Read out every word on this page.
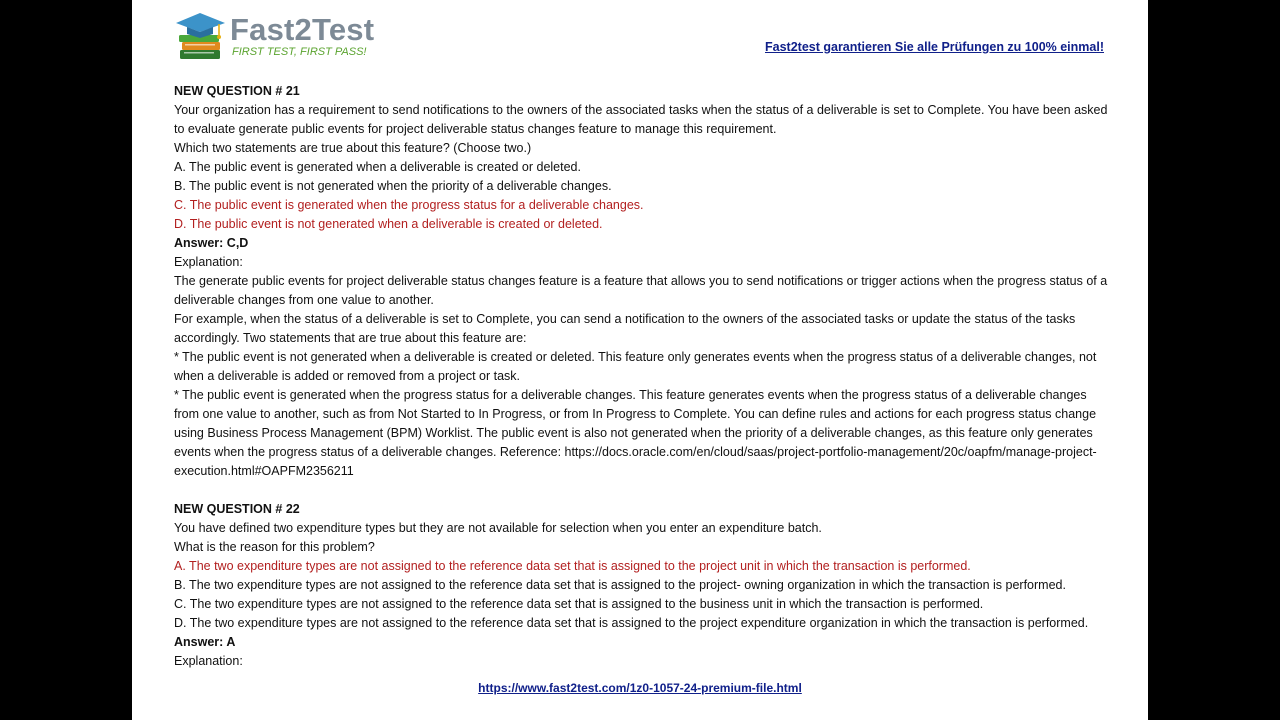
Fast2Test
FIRST TEST, FIRST PASS!	Fast2test garantieren Sie alle Prüfungen zu 100% einmal!

NEW QUESTION # 21

Your organization has a requirement to send notifications to the owners of the associated tasks when the status of a deliverable is set to Complete. You have been asked to evaluate generate public events for project deliverable status changes feature to manage this requirement.

Which two statements are true about this feature? (Choose two.)

A. The public event is generated when a deliverable is created or deleted.

B. The public event is not generated when the priority of a deliverable changes.

C. The public event is generated when the progress status for a deliverable changes.

D. The public event is not generated when a deliverable is created or deleted.

Answer: C,D

Explanation:

The generate public events for project deliverable status changes feature is a feature that allows you to send notifications or trigger actions when the progress status of a deliverable changes from one value to another.

For example, when the status of a deliverable is set to Complete, you can send a notification to the owners of the associated tasks or update the status of the tasks accordingly. Two statements that are true about this feature are:

* The public event is not generated when a deliverable is created or deleted. This feature only generates events when the progress status of a deliverable changes, not when a deliverable is added or removed from a project or task.

* The public event is generated when the progress status for a deliverable changes. This feature generates events when the progress status of a deliverable changes from one value to another, such as from Not Started to In Progress, or from In Progress to Complete. You can define rules and actions for each progress status change using Business Process Management (BPM) Worklist. The public event is also not generated when the priority of a deliverable changes, as this feature only generates events when the progress status of a deliverable changes. Reference: https://docs.oracle.com/en/cloud/saas/project-portfolio-management/20c/oapfm/manage-project-execution.html#OAPFM2356211

NEW QUESTION # 22

You have defined two expenditure types but they are not available for selection when you enter an expenditure batch.

What is the reason for this problem?

A. The two expenditure types are not assigned to the reference data set that is assigned to the project unit in which the transaction is performed.

B. The two expenditure types are not assigned to the reference data set that is assigned to the project- owning organization in which the transaction is performed.

C. The two expenditure types are not assigned to the reference data set that is assigned to the business unit in which the transaction is performed.

D. The two expenditure types are not assigned to the reference data set that is assigned to the project expenditure organization in which the transaction is performed.

Answer: A

Explanation:

https://www.fast2test.com/1z0-1057-24-premium-file.html
